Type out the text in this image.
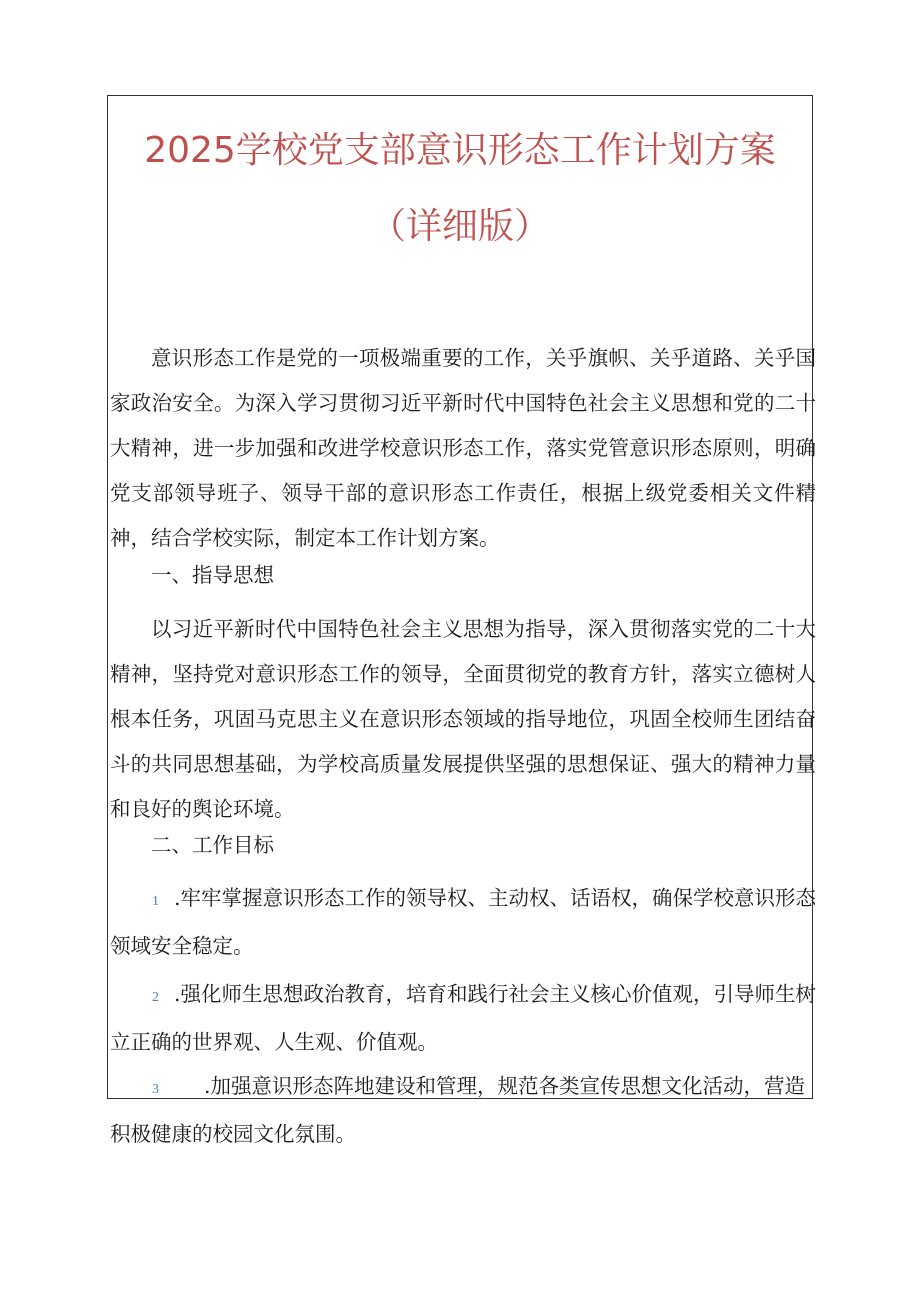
2025学校党支部意识形态工作计划方案
（详细版）

意识形态工作是党的一项极端重要的工作，关乎旗帜、关乎道路、关乎国家政治安全。为深入学习贯彻习近平新时代中国特色社会主义思想和党的二十大精神，进一步加强和改进学校意识形态工作，落实党管意识形态原则，明确党支部领导班子、领导干部的意识形态工作责任，根据上级党委相关文件精神，结合学校实际，制定本工作计划方案。

一、指导思想

以习近平新时代中国特色社会主义思想为指导，深入贯彻落实党的二十大精神，坚持党对意识形态工作的领导，全面贯彻党的教育方针，落实立德树人根本任务，巩固马克思主义在意识形态领域的指导地位，巩固全校师生团结奋斗的共同思想基础，为学校高质量发展提供坚强的思想保证、强大的精神力量和良好的舆论环境。

二、工作目标

1 .牢牢掌握意识形态工作的领导权、主动权、话语权，确保学校意识形态领域安全稳定。

2 .强化师生思想政治教育，培育和践行社会主义核心价值观，引导师生树立正确的世界观、人生观、价值观。

3 .加强意识形态阵地建设和管理，规范各类宣传思想文化活动，营造积极健康的校园文化氛围。
